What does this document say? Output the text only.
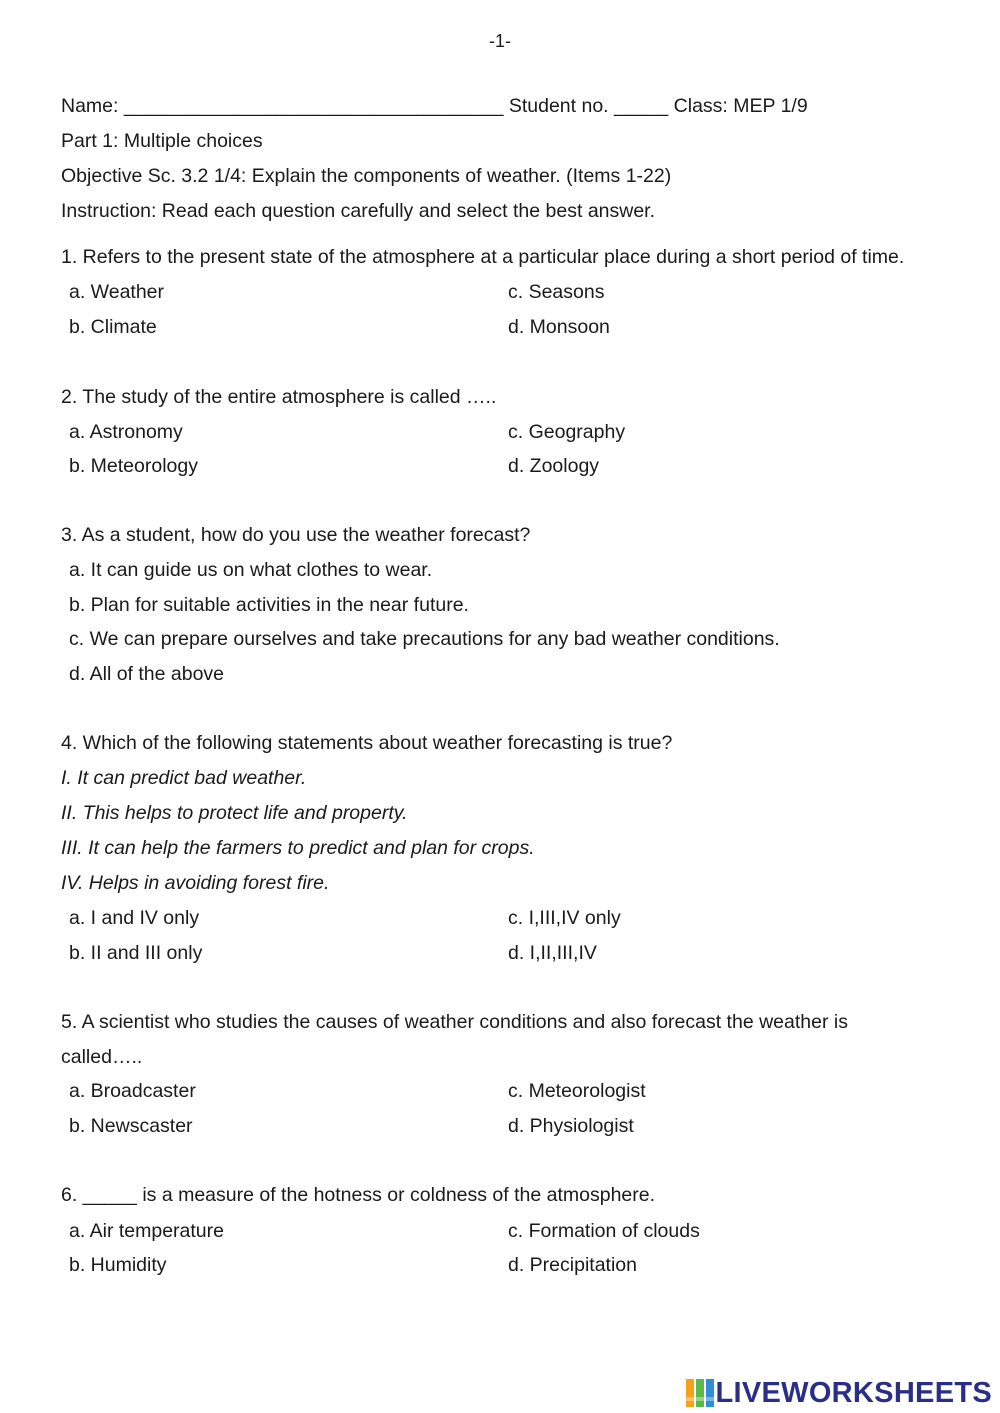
-1-
Name: ___________________________________ Student no. _____ Class: MEP 1/9
Part 1: Multiple choices
Objective Sc. 3.2 1/4: Explain the components of weather. (Items 1-22)
Instruction: Read each question carefully and select the best answer.
1. Refers to the present state of the atmosphere at a particular place during a short period of time.
a. Weather	c. Seasons
b. Climate	d. Monsoon
2. The study of the entire atmosphere is called …..
a. Astronomy	c. Geography
b. Meteorology	d. Zoology
3. As a student, how do you use the weather forecast?
a. It can guide us on what clothes to wear.
b. Plan for suitable activities in the near future.
c. We can prepare ourselves and take precautions for any bad weather conditions.
d. All of the above
4. Which of the following statements about weather forecasting is true?
I. It can predict bad weather.
II. This helps to protect life and property.
III. It can help the farmers to predict and plan for crops.
IV. Helps in avoiding forest fire.
a. I and IV only	c. I,III,IV only
b. II and III only	d. I,II,III,IV
5. A scientist who studies the causes of weather conditions and also forecast the weather is
called…..
a. Broadcaster	c. Meteorologist
b. Newscaster	d. Physiologist
6. _____ is a measure of the hotness or coldness of the atmosphere.
a. Air temperature	c. Formation of clouds
b. Humidity	d. Precipitation
LIVEWORKSHEETS
